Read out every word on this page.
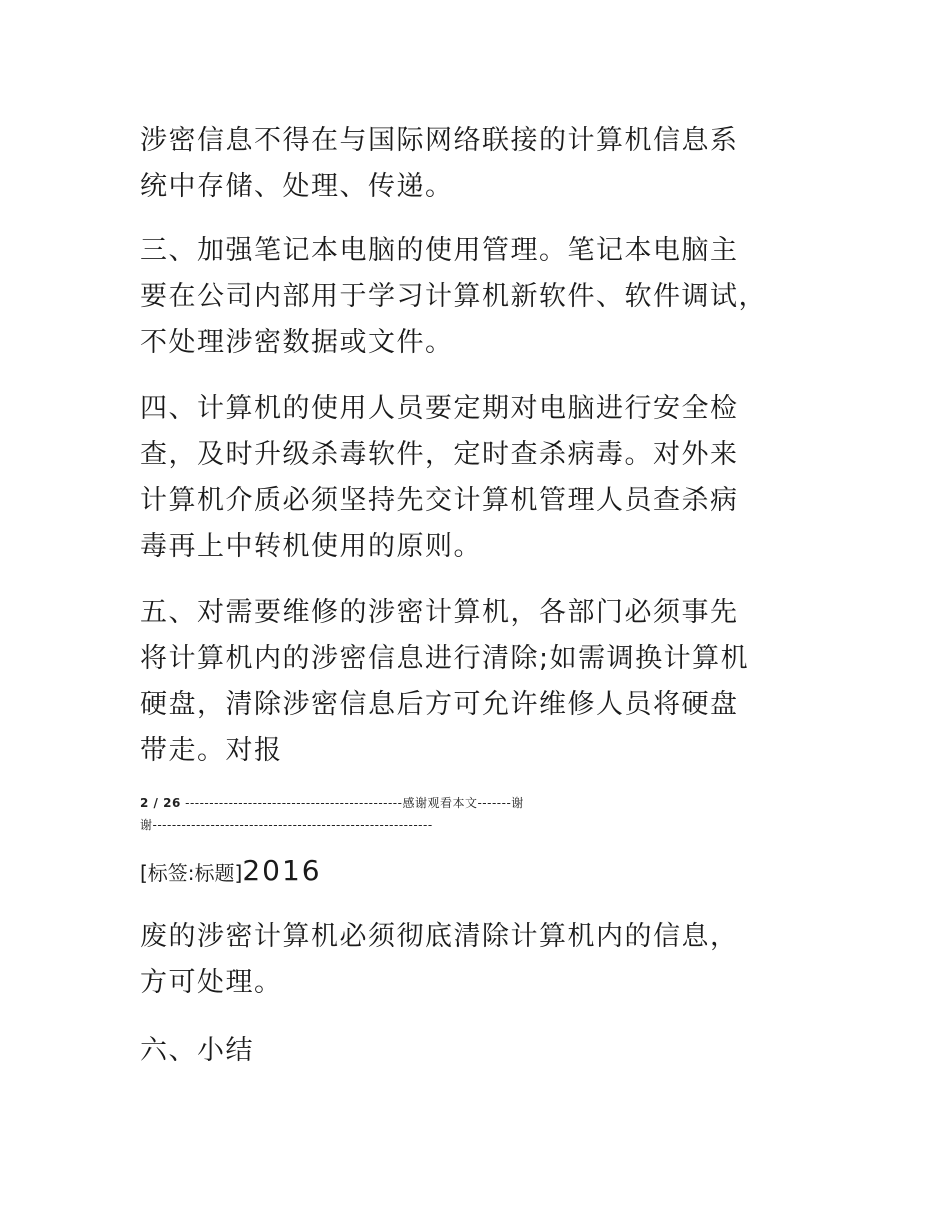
涉密信息不得在与国际网络联接的计算机信息系
统中存储、处理、传递。

三、加强笔记本电脑的使用管理。笔记本电脑主
要在公司内部用于学习计算机新软件、软件调试，
不处理涉密数据或文件。

四、计算机的使用人员要定期对电脑进行安全检
查，及时升级杀毒软件，定时查杀病毒。对外来
计算机介质必须坚持先交计算机管理人员查杀病
毒再上中转机使用的原则。

五、对需要维修的涉密计算机，各部门必须事先
将计算机内的涉密信息进行清除;如需调换计算机
硬盘，清除涉密信息后方可允许维修人员将硬盘
带走。对报

2 / 26 ---------------------------------------------感谢观看本文-------谢
谢----------------------------------------------------------
[标签:标题]2016

废的涉密计算机必须彻底清除计算机内的信息，
方可处理。

六、小结
